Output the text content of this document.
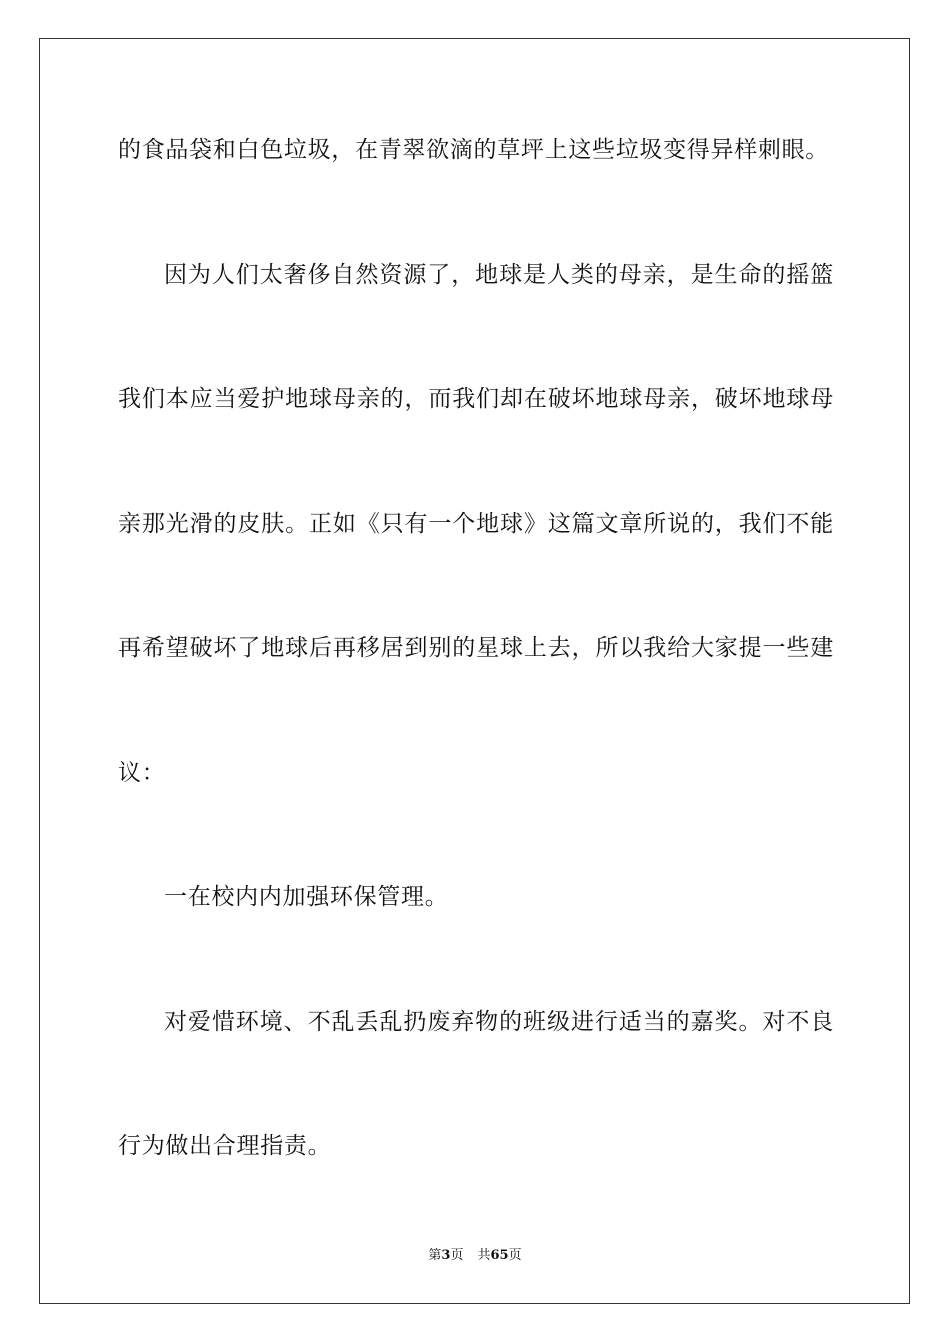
的食品袋和白色垃圾，在青翠欲滴的草坪上这些垃圾变得异样刺眼。
因为人们太奢侈自然资源了，地球是人类的母亲，是生命的摇篮
我们本应当爱护地球母亲的，而我们却在破坏地球母亲，破坏地球母
亲那光滑的皮肤。正如《只有一个地球》这篇文章所说的，我们不能
再希望破坏了地球后再移居到别的星球上去，所以我给大家提一些建
议：
一在校内内加强环保管理。
对爱惜环境、不乱丢乱扔废弃物的班级进行适当的嘉奖。对不良
行为做出合理指责。
第3页 共65页
